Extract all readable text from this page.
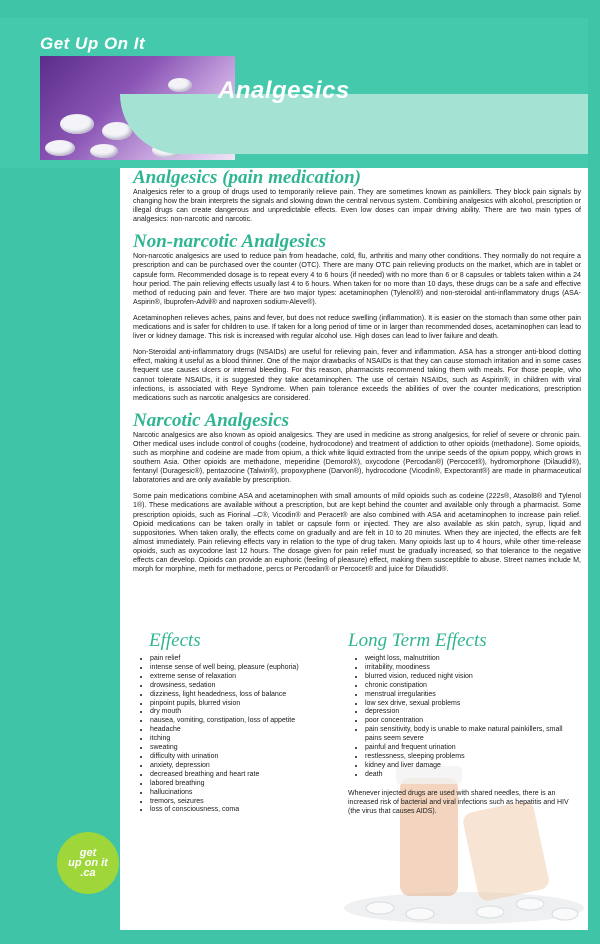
Get Up On It
Analgesics
Analgesics (pain medication)

Analgesics refer to a group of drugs used to temporarily relieve pain. They are sometimes known as painkillers. They block pain signals by changing how the brain interprets the signals and slowing down the central nervous system. Combining analgesics with alcohol, prescription or illegal drugs can create dangerous and unpredictable effects. Even low doses can impair driving ability. There are two main types of analgesics: non-narcotic and narcotic.

Non-narcotic Analgesics

Non-narcotic analgesics are used to reduce pain from headache, cold, flu, arthritis and many other conditions. They normally do not require a prescription and can be purchased over the counter (OTC). There are many OTC pain relieving products on the market, which are in tablet or capsule form. Recommended dosage is to repeat every 4 to 6 hours (if needed) with no more than 6 or 8 capsules or tablets taken within a 24 hour period. The pain relieving effects usually last 4 to 6 hours. When taken for no more than 10 days, these drugs can be a safe and effective method of reducing pain and fever. There are two major types: acetaminophen (Tylenol®) and non-steroidal anti-inflammatory drugs (ASA-Aspirin®, Ibuprofen-Advil® and naproxen sodium-Aleve®).

Acetaminophen relieves aches, pains and fever, but does not reduce swelling (inflammation). It is easier on the stomach than some other pain medications and is safer for children to use. If taken for a long period of time or in larger than recommended doses, acetaminophen can lead to liver or kidney damage. This risk is increased with regular alcohol use. High doses can lead to liver failure and death.

Non-Steroidal anti-inflammatory drugs (NSAIDs) are useful for relieving pain, fever and inflammation. ASA has a stronger anti-blood clotting effect, making it useful as a blood thinner. One of the major drawbacks of NSAIDs is that they can cause stomach irritation and in some cases frequent use causes ulcers or internal bleeding. For this reason, pharmacists recommend taking them with meals. For those people, who cannot tolerate NSAIDs, it is suggested they take acetaminophen. The use of certain NSAIDs, such as Aspirin®, in children with viral infections, is associated with Reye Syndrome. When pain tolerance exceeds the abilities of over the counter medications, prescription medications such as narcotic analgesics are considered.

Narcotic Analgesics

Narcotic analgesics are also known as opioid analgesics. They are used in medicine as strong analgesics, for relief of severe or chronic pain. Other medical uses include control of coughs (codeine, hydrocodone) and treatment of addiction to other opioids (methadone). Some opioids, such as morphine and codeine are made from opium, a thick white liquid extracted from the unripe seeds of the opium poppy, which grows in southern Asia. Other opioids are methadone, meperidine (Demorol®), oxycodone (Percodan®) (Percocet®), hydromorphone (Dilaudid®), fentanyl (Duragesic®), pentazocine (Talwin®), propoxyphene (Darvon®), hydrocodone (Vicodin®, Expectorant®) are made in pharmaceutical laboratories and are only available by prescription.

Some pain medications combine ASA and acetaminophen with small amounts of mild opioids such as codeine (222s®, Atasol8® and Tylenol 1®). These medications are available without a prescription, but are kept behind the counter and available only through a pharmacist. Some prescription opioids, such as Fiorinal –C®, Vicodin® and Peracet® are also combined with ASA and acetaminophen to increase pain relief. Opioid medications can be taken orally in tablet or capsule form or injected. They are also available as skin patch, syrup, liquid and suppositories. When taken orally, the effects come on gradually and are felt in 10 to 20 minutes. When they are injected, the effects are felt almost immediately. Pain relieving effects vary in relation to the type of drug taken. Many opioids last up to 4 hours, while other time-release opioids, such as oxycodone last 12 hours. The dosage given for pain relief must be gradually increased, so that tolerance to the negative effects can develop. Opioids can provide an euphoric (feeling of pleasure) effect, making them susceptible to abuse. Street names include M, morph for morphine, meth for methadone, percs or Percodan® or Percocet® and juice for Dilaudid®.

Effects
• pain relief
• intense sense of well being, pleasure (euphoria)
• extreme sense of relaxation
• drowsiness, sedation
• dizziness, light headedness, loss of balance
• pinpoint pupils, blurred vision
• dry mouth
• nausea, vomiting, constipation, loss of appetite
• headache
• itching
• sweating
• difficulty with urination
• anxiety, depression
• decreased breathing and heart rate
• labored breathing
• hallucinations
• tremors, seizures
• loss of consciousness, coma
Long Term Effects
• weight loss, malnutrition
• irritability, moodiness
• blurred vision, reduced night vision
• chronic constipation
• menstrual irregularities
• low sex drive, sexual problems
• depression
• poor concentration
• pain sensitivity, body is unable to make natural painkillers, small pains seem severe
• painful and frequent urination
• restlessness, sleeping problems
• kidney and liver damage
• death
Whenever injected drugs are used with shared needles, there is an increased risk of bacterial and viral infections such as hepatitis and HIV (the virus that causes AIDS).
get
up on it
.ca
